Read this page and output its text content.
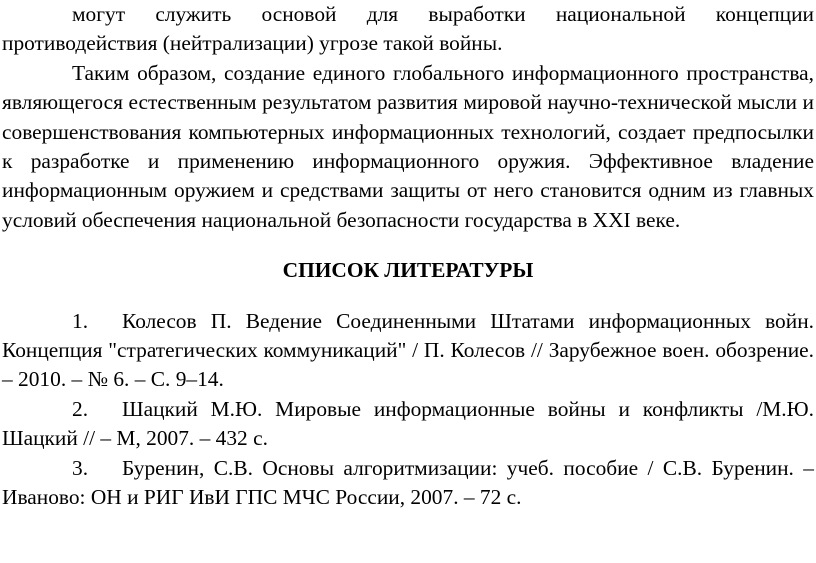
могут служить основой для выработки национальной концепции противодействия (нейтрализации) угрозе такой войны.

Таким образом, создание единого глобального информационного пространства, являющегося естественным результатом развития мировой научно-технической мысли и совершенствования компьютерных информационных технологий, создает предпосылки к разработке и применению информационного оружия. Эффективное владение информационным оружием и средствами защиты от него становится одним из главных условий обеспечения национальной безопасности государства в XXI веке.

СПИСОК ЛИТЕРАТУРЫ

1. Колесов П. Ведение Соединенными Штатами информационных войн. Концепция "стратегических коммуникаций" / П. Колесов // Зарубежное воен. обозрение. – 2010. – № 6. – С. 9–14.

2. Шацкий М.Ю. Мировые информационные войны и конфликты /М.Ю. Шацкий // – М, 2007. – 432 с.

3. Буренин, С.В. Основы алгоритмизации: учеб. пособие / С.В. Буренин. – Иваново: ОН и РИГ ИвИ ГПС МЧС России, 2007. – 72 с.
